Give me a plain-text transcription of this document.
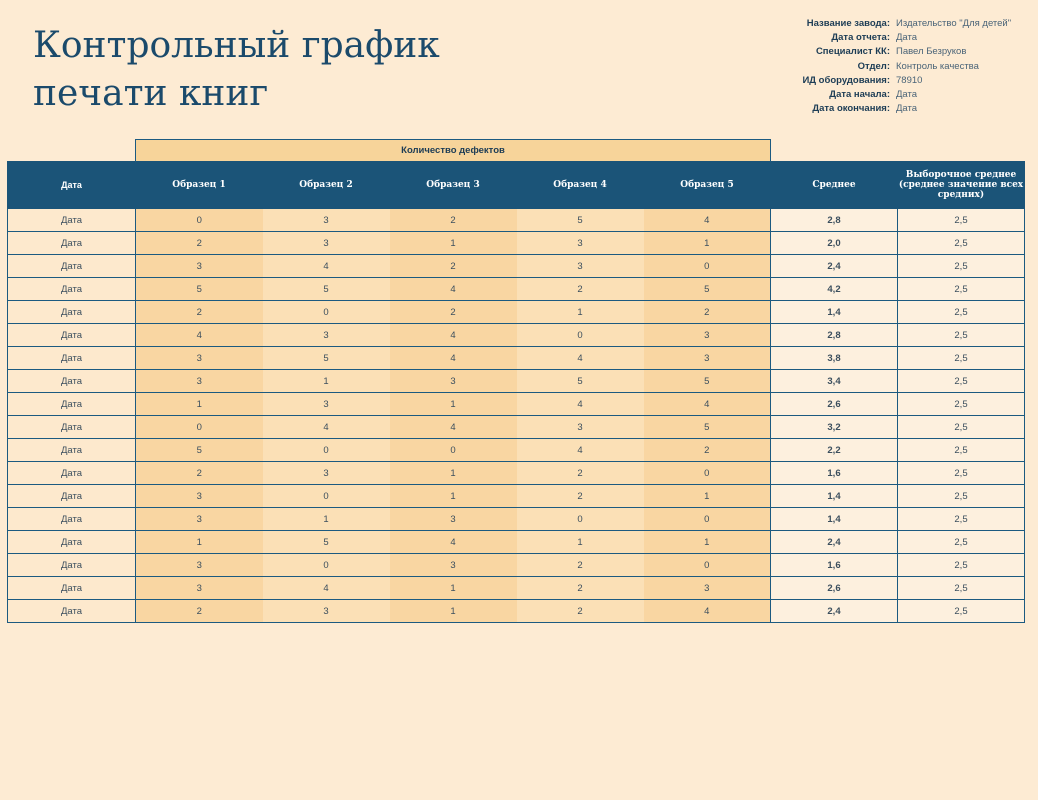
Контрольный график
печати книг
Название завода: Издательство "Для детей"
Дата отчета: Дата
Специалист КК: Павел Безруков
Отдел: Контроль качества
ИД оборудования: 78910
Дата начала: Дата
Дата окончания: Дата
	Количество дефектов						
Дата	Образец 1	Образец 2	Образец 3	Образец 4	Образец 5	Среднее	Выборочное среднее (среднее значение всех средних)
Дата	0	3	2	5	4	2,8	2,5
Дата	2	3	1	3	1	2,0	2,5
Дата	3	4	2	3	0	2,4	2,5
Дата	5	5	4	2	5	4,2	2,5
Дата	2	0	2	1	2	1,4	2,5
Дата	4	3	4	0	3	2,8	2,5
Дата	3	5	4	4	3	3,8	2,5
Дата	3	1	3	5	5	3,4	2,5
Дата	1	3	1	4	4	2,6	2,5
Дата	0	4	4	3	5	3,2	2,5
Дата	5	0	0	4	2	2,2	2,5
Дата	2	3	1	2	0	1,6	2,5
Дата	3	0	1	2	1	1,4	2,5
Дата	3	1	3	0	0	1,4	2,5
Дата	1	5	4	1	1	2,4	2,5
Дата	3	0	3	2	0	1,6	2,5
Дата	3	4	1	2	3	2,6	2,5
Дата	2	3	1	2	4	2,4	2,5
